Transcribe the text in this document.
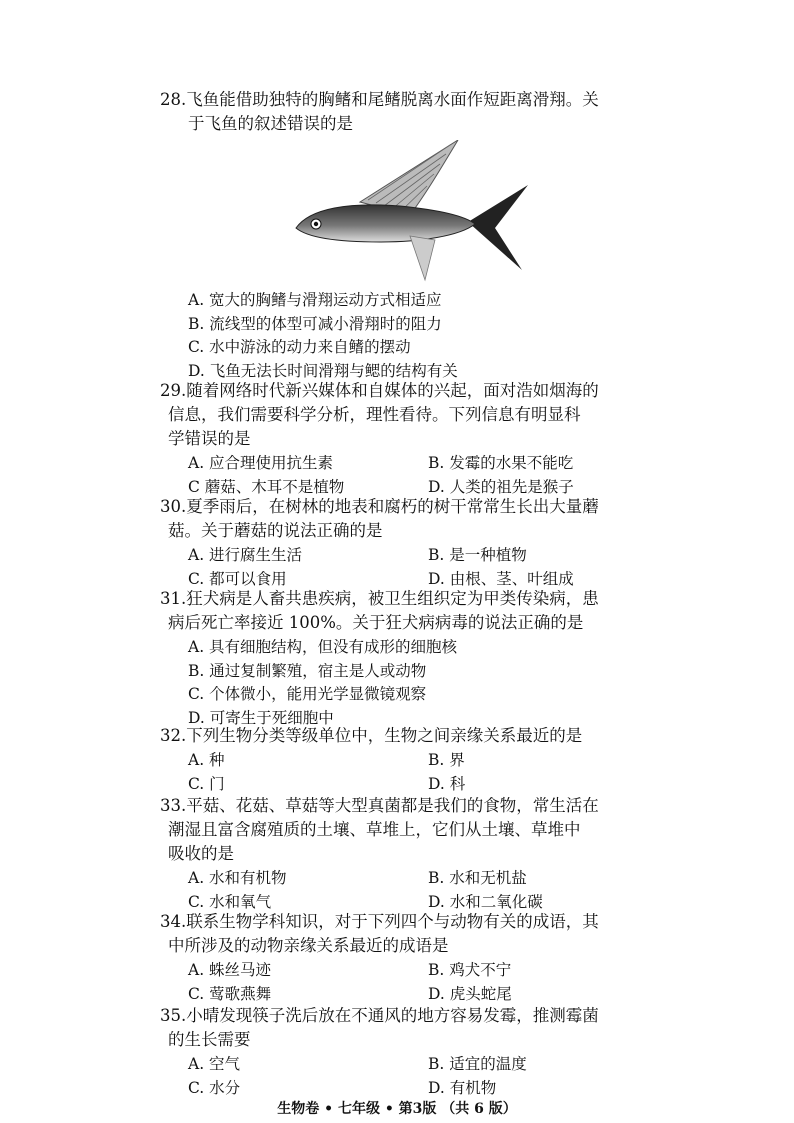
28.飞鱼能借助独特的胸鳍和尾鳍脱离水面作短距离滑翔。关

于飞鱼的叙述错误的是

A. 宽大的胸鳍与滑翔运动方式相适应
B. 流线型的体型可减小滑翔时的阻力
C. 水中游泳的动力来自鳍的摆动
D. 飞鱼无法长时间滑翔与鳃的结构有关

29.随着网络时代新兴媒体和自媒体的兴起，面对浩如烟海的

信息，我们需要科学分析，理性看待。下列信息有明显科

学错误的是

A. 应合理使用抗生素	B. 发霉的水果不能吃
C 蘑菇、木耳不是植物	D. 人类的祖先是猴子

30.夏季雨后，在树林的地表和腐朽的树干常常生长出大量蘑

菇。关于蘑菇的说法正确的是

A. 进行腐生生活	B. 是一种植物
C. 都可以食用	D. 由根、茎、叶组成

31.狂犬病是人畜共患疾病，被卫生组织定为甲类传染病，患

病后死亡率接近 100%。关于狂犬病病毒的说法正确的是

A. 具有细胞结构，但没有成形的细胞核
B. 通过复制繁殖，宿主是人或动物
C. 个体微小，能用光学显微镜观察
D. 可寄生于死细胞中

32.下列生物分类等级单位中，生物之间亲缘关系最近的是

A. 种	B. 界
C. 门	D. 科

33.平菇、花菇、草菇等大型真菌都是我们的食物，常生活在

潮湿且富含腐殖质的土壤、草堆上，它们从土壤、草堆中

吸收的是

A. 水和有机物	B. 水和无机盐
C. 水和氧气	D. 水和二氧化碳

34.联系生物学科知识，对于下列四个与动物有关的成语，其

中所涉及的动物亲缘关系最近的成语是

A. 蛛丝马迹	B. 鸡犬不宁
C. 莺歌燕舞	D. 虎头蛇尾

35.小晴发现筷子洗后放在不通风的地方容易发霉，推测霉菌

的生长需要

A. 空气	B. 适宜的温度
C. 水分	D. 有机物
生物卷 • 七年级 • 第3版 （共 6 版）
